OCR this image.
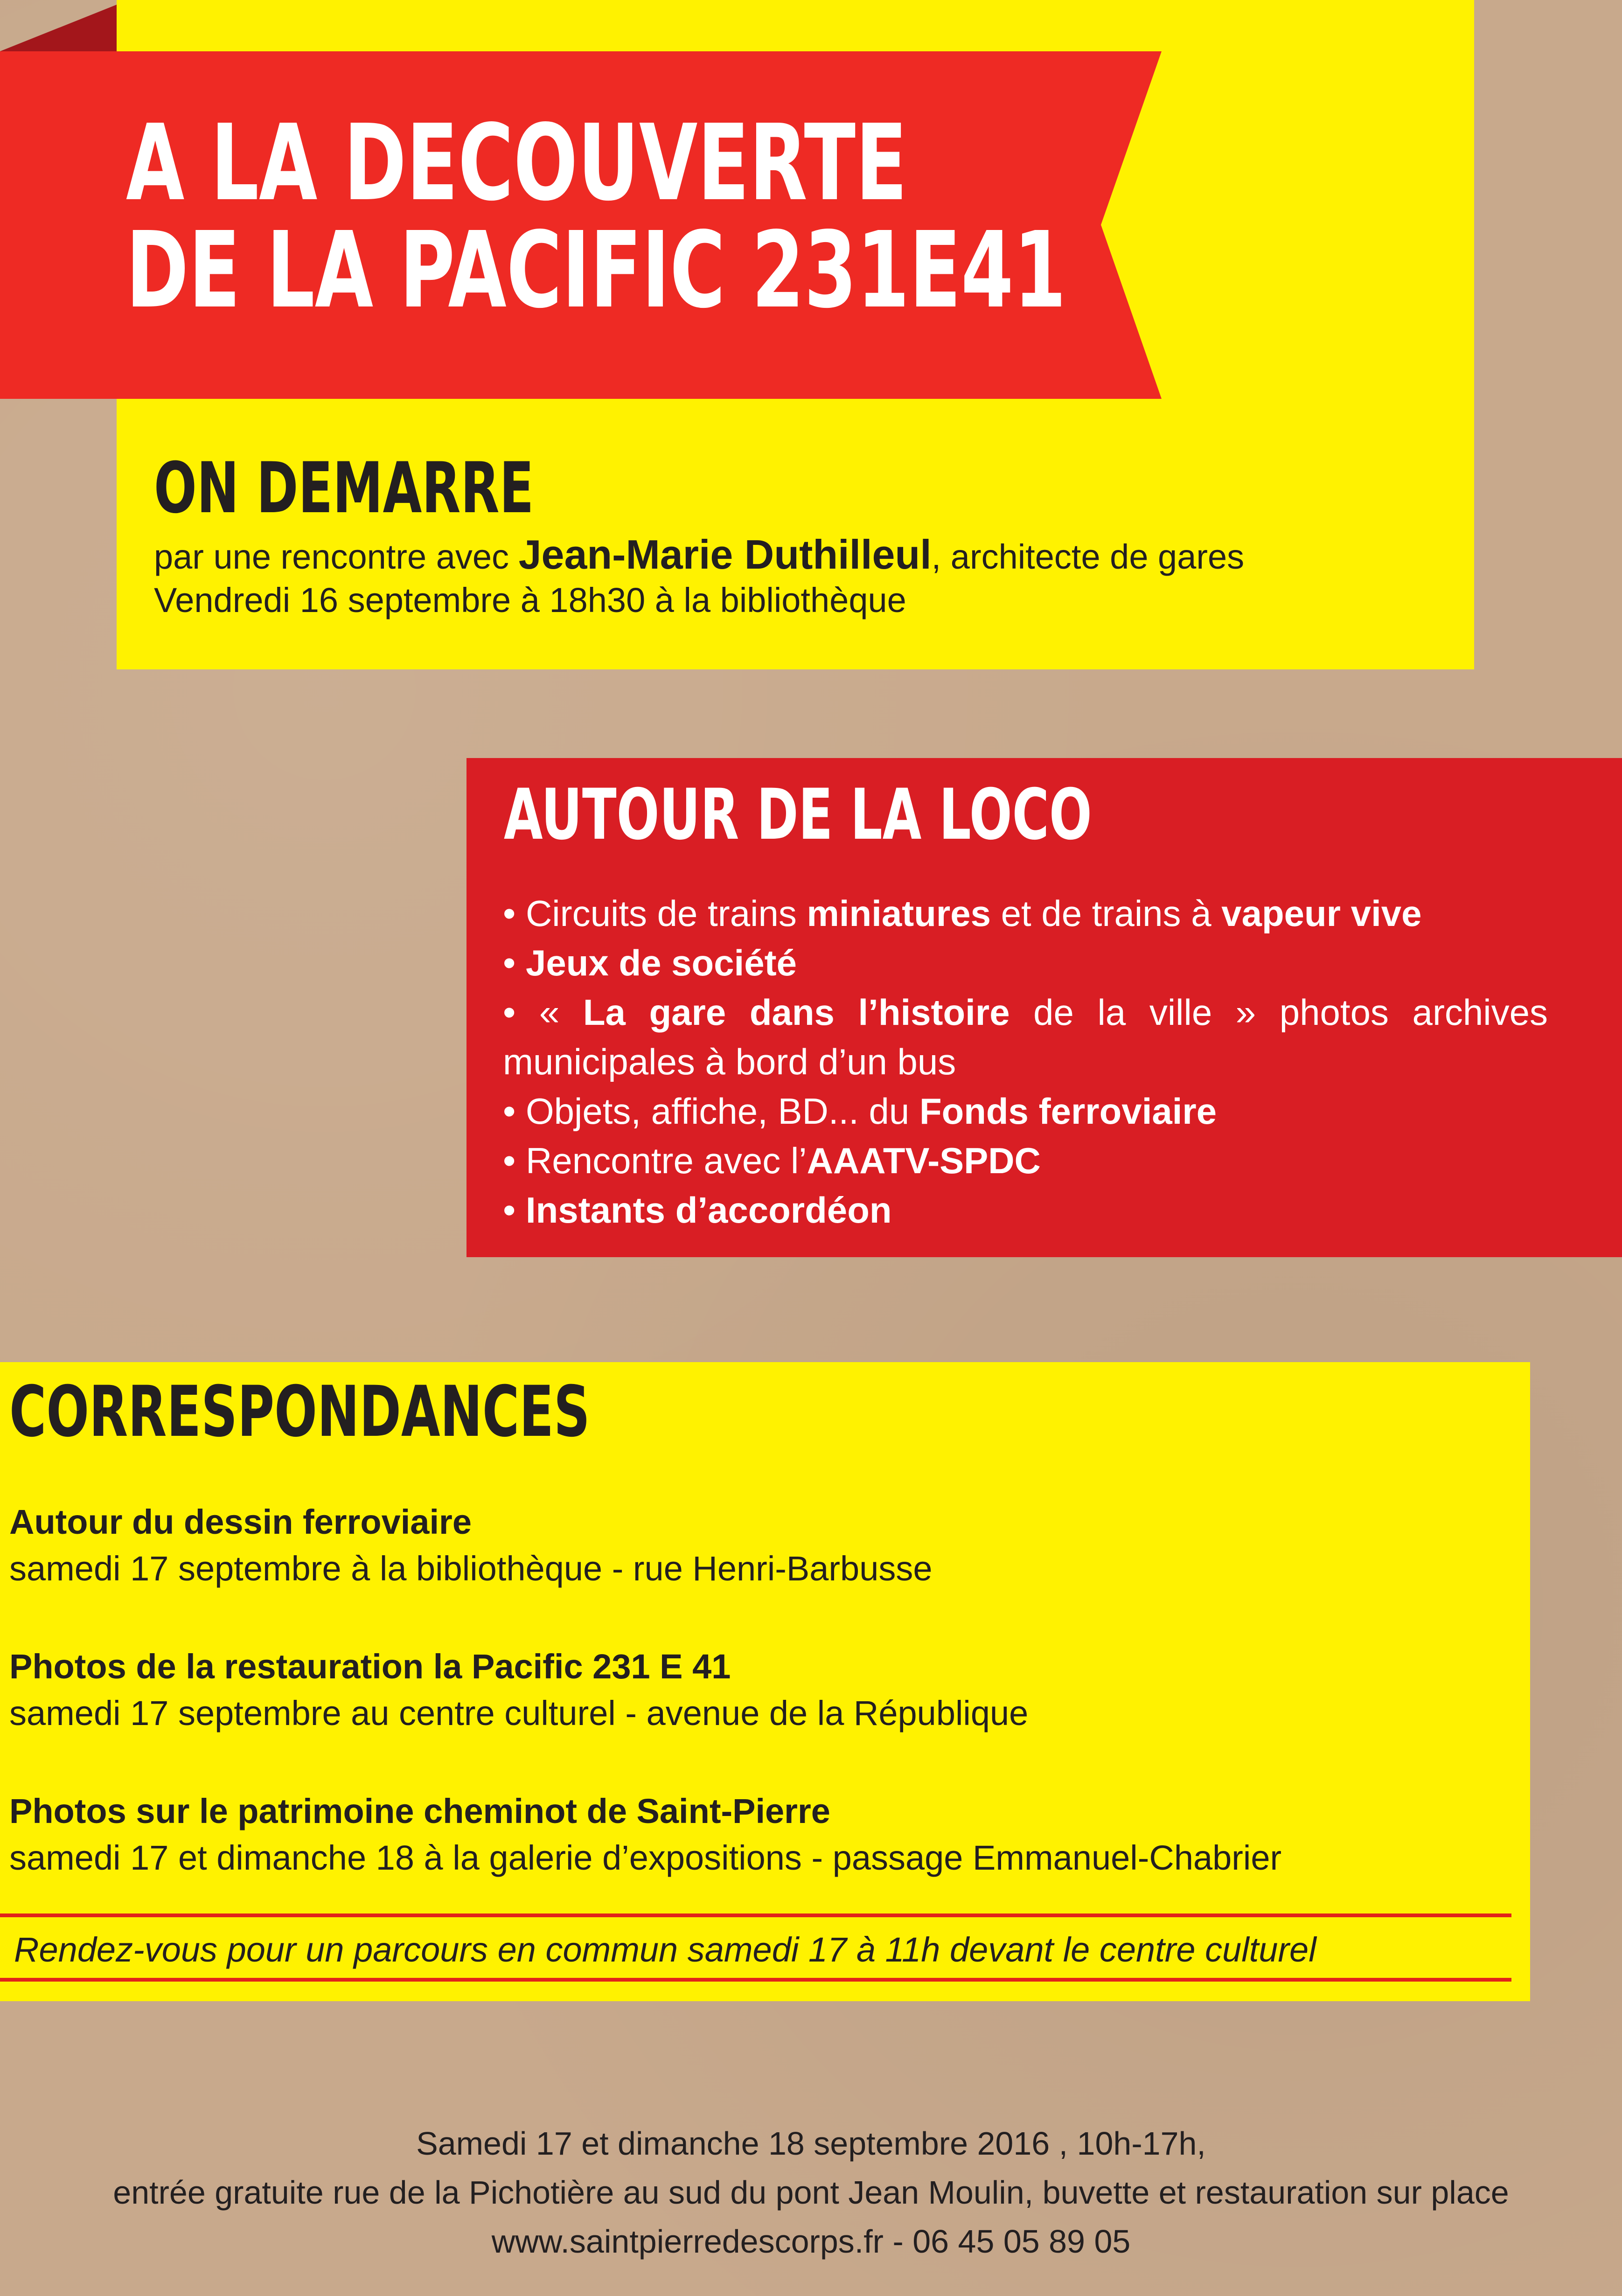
A LA DECOUVERTE
DE LA PACIFIC 231E41
ON DEMARRE
par une rencontre avec Jean-Marie Duthilleul, architecte de gares
Vendredi 16 septembre à 18h30 à la bibliothèque
AUTOUR DE LA LOCO
• Circuits de trains miniatures et de trains à vapeur vive
• Jeux de société
• « La gare dans l’histoire de la ville » photos archives municipales à bord d’un bus
• Objets, affiche, BD... du Fonds ferroviaire
• Rencontre avec l’AAATV-SPDC
• Instants d’accordéon
CORRESPONDANCES
Autour du dessin ferroviaire
samedi 17 septembre à la bibliothèque - rue Henri-Barbusse
Photos de la restauration la Pacific 231 E 41
samedi 17 septembre au centre culturel - avenue de la République
Photos sur le patrimoine cheminot de Saint-Pierre
samedi 17 et dimanche 18 à la galerie d’expositions - passage Emmanuel-Chabrier
Rendez-vous pour un parcours en commun samedi 17 à 11h devant le centre culturel
Samedi 17 et dimanche 18 septembre 2016 , 10h-17h,
entrée gratuite rue de la Pichotière au sud du pont Jean Moulin, buvette et restauration sur place
www.saintpierredescorps.fr - 06 45 05 89 05
